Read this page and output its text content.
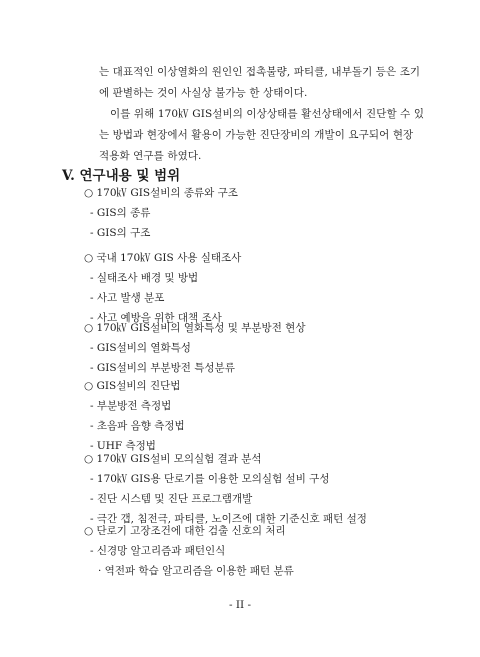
는 대표적인 이상열화의 원인인 접촉불량, 파티클, 내부돌기 등은 조기
에 판별하는 것이 사실상 불가능 한 상태이다.
이를 위해 170㎸ GIS설비의 이상상태를 활선상태에서 진단할 수 있
는 방법과 현장에서 활용이 가능한 진단장비의 개발이 요구되어 현장
적용화 연구를 하였다.
V. 연구내용 및 범위
○ 170㎸ GIS설비의 종류와 구조
- GIS의 종류
- GIS의 구조
○ 국내 170㎸ GIS 사용 실태조사
- 실태조사 배경 및 방법
- 사고 발생 분포
- 사고 예방을 위한 대책 조사
○ 170㎸ GIS설비의 열화특성 및 부분방전 현상
- GIS설비의 열화특성
- GIS설비의 부분방전 특성분류
○ GIS설비의 진단법
- 부분방전 측정법
- 초음파 음향 측정법
- UHF 측정법
○ 170㎸ GIS설비 모의실험 결과 분석
- 170㎸ GIS용 단로기를 이용한 모의실험 설비 구성
- 진단 시스템 및 진단 프로그램개발
- 극간 갭, 침전극, 파티클, 노이즈에 대한 기준신호 패턴 설정
○ 단로기 고장조건에 대한 검출 신호의 처리
- 신경망 알고리즘과 패턴인식
· 역전파 학습 알고리즘을 이용한 패턴 분류
- II -
